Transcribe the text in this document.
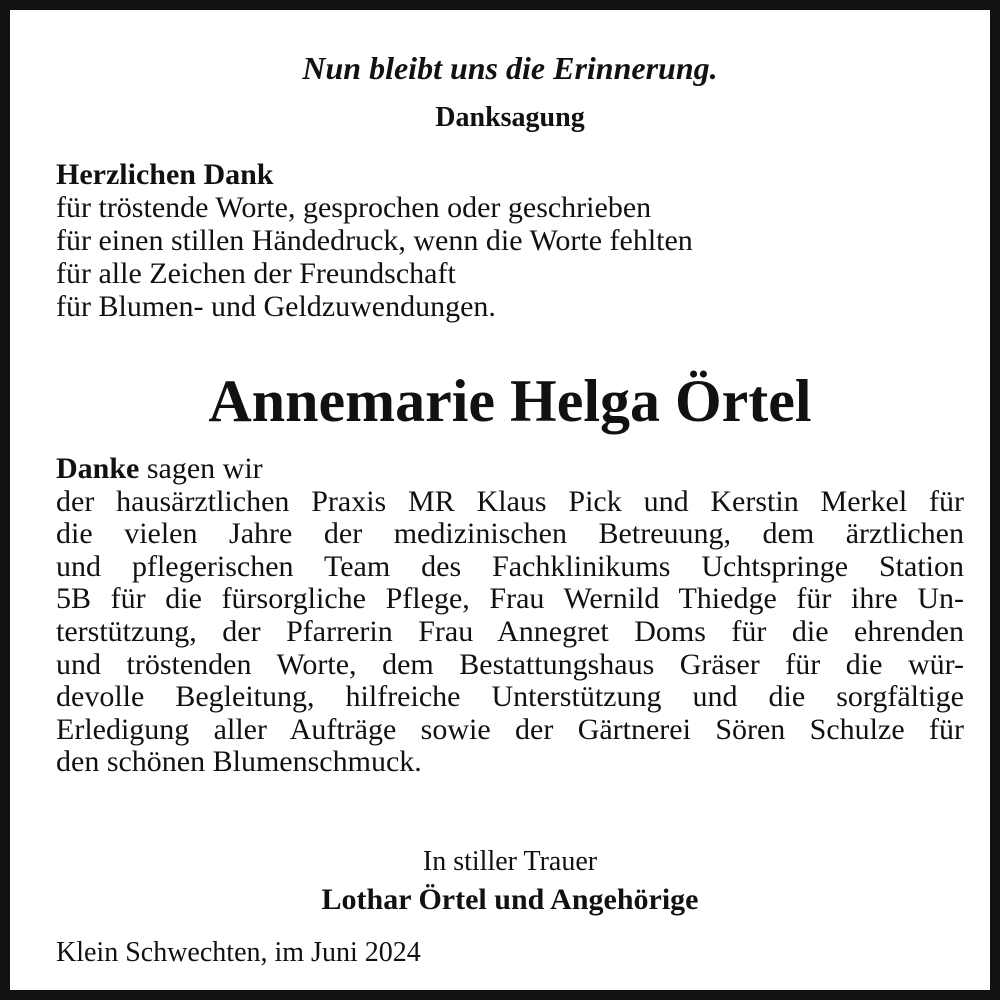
Nun bleibt uns die Erinnerung.
Danksagung
Herzlichen Dank
für tröstende Worte, gesprochen oder geschrieben
für einen stillen Händedruck, wenn die Worte fehlten
für alle Zeichen der Freundschaft
für Blumen- und Geldzuwendungen.
Annemarie Helga Örtel
Danke sagen wir
der hausärztlichen Praxis MR Klaus Pick und Kerstin Merkel für
die vielen Jahre der medizinischen Betreuung, dem ärztlichen
und pflegerischen Team des Fachklinikums Uchtspringe Station
5B für die fürsorgliche Pflege, Frau Wernild Thiedge für ihre Un-
terstützung, der Pfarrerin Frau Annegret Doms für die ehrenden
und tröstenden Worte, dem Bestattungshaus Gräser für die wür-
devolle Begleitung, hilfreiche Unterstützung und die sorgfältige
Erledigung aller Aufträge sowie der Gärtnerei Sören Schulze für
den schönen Blumenschmuck.
In stiller Trauer
Lothar Örtel und Angehörige
Klein Schwechten, im Juni 2024
